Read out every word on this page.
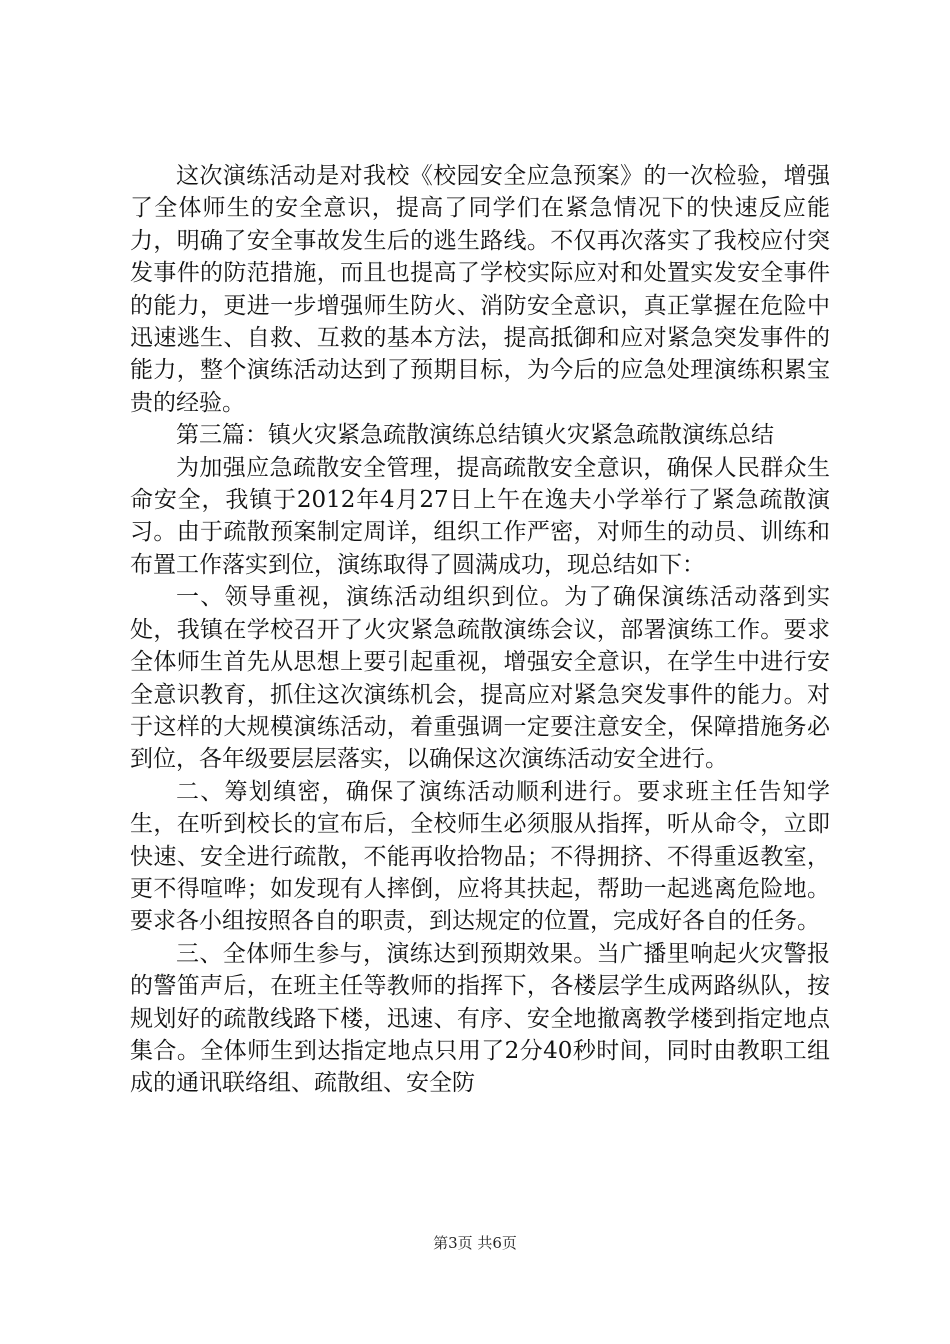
这次演练活动是对我校《校园安全应急预案》的一次检验，增强了全体师生的安全意识，提高了同学们在紧急情况下的快速反应能力，明确了安全事故发生后的逃生路线。不仅再次落实了我校应付突发事件的防范措施，而且也提高了学校实际应对和处置实发安全事件的能力，更进一步增强师生防火、消防安全意识，真正掌握在危险中迅速逃生、自救、互救的基本方法，提高抵御和应对紧急突发事件的能力，整个演练活动达到了预期目标，为今后的应急处理演练积累宝贵的经验。

第三篇：镇火灾紧急疏散演练总结镇火灾紧急疏散演练总结

为加强应急疏散安全管理，提高疏散安全意识，确保人民群众生命安全，我镇于2012年4月27日上午在逸夫小学举行了紧急疏散演习。由于疏散预案制定周详，组织工作严密，对师生的动员、训练和布置工作落实到位，演练取得了圆满成功，现总结如下：

一、领导重视，演练活动组织到位。为了确保演练活动落到实处，我镇在学校召开了火灾紧急疏散演练会议，部署演练工作。要求全体师生首先从思想上要引起重视，增强安全意识，在学生中进行安全意识教育，抓住这次演练机会，提高应对紧急突发事件的能力。对于这样的大规模演练活动，着重强调一定要注意安全，保障措施务必到位，各年级要层层落实，以确保这次演练活动安全进行。

二、筹划缜密，确保了演练活动顺利进行。要求班主任告知学生，在听到校长的宣布后，全校师生必须服从指挥，听从命令，立即快速、安全进行疏散，不能再收拾物品；不得拥挤、不得重返教室，更不得喧哗；如发现有人摔倒，应将其扶起，帮助一起逃离危险地。要求各小组按照各自的职责，到达规定的位置，完成好各自的任务。

三、全体师生参与，演练达到预期效果。当广播里响起火灾警报的警笛声后，在班主任等教师的指挥下，各楼层学生成两路纵队，按规划好的疏散线路下楼，迅速、有序、安全地撤离教学楼到指定地点集合。全体师生到达指定地点只用了2分40秒时间，同时由教职工组成的通讯联络组、疏散组、安全防

第3页 共6页
